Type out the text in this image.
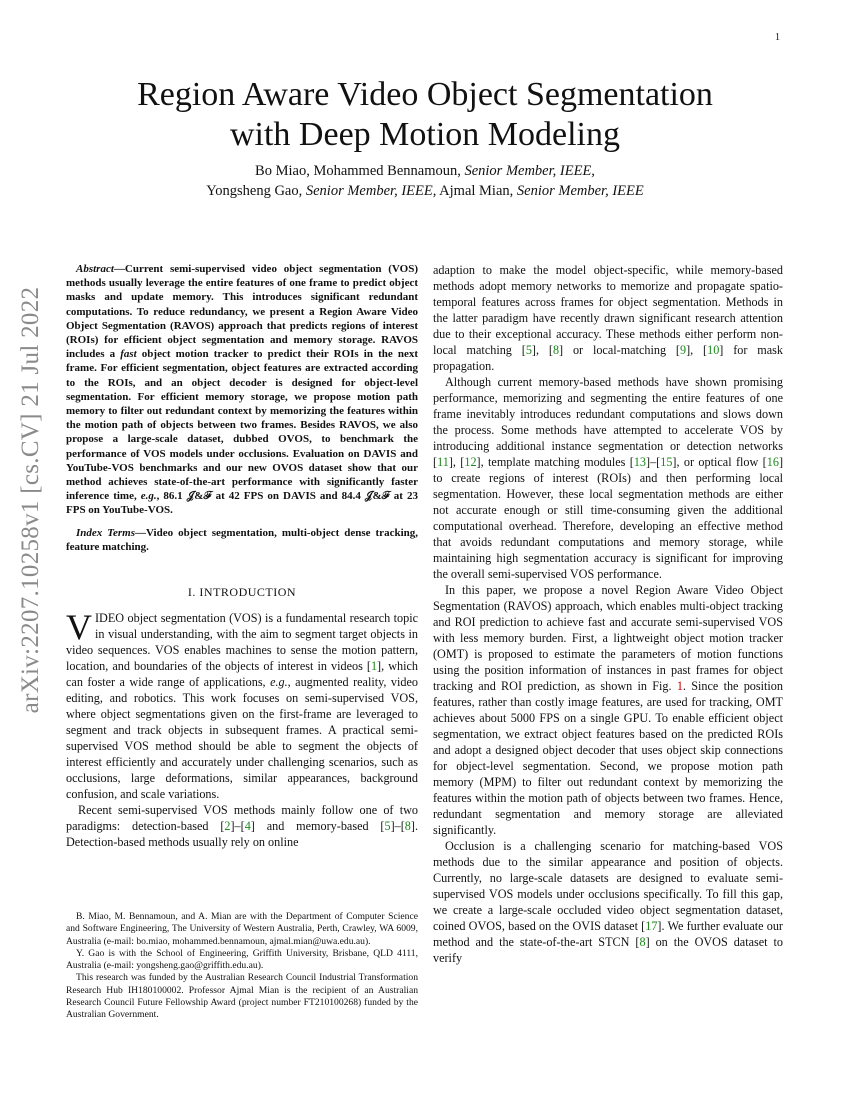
1
arXiv:2207.10258v1 [cs.CV] 21 Jul 2022
Region Aware Video Object Segmentation
with Deep Motion Modeling
Bo Miao, Mohammed Bennamoun, Senior Member, IEEE,
Yongsheng Gao, Senior Member, IEEE, Ajmal Mian, Senior Member, IEEE

Abstract—Current semi-supervised video object segmentation (VOS) methods usually leverage the entire features of one frame to predict object masks and update memory. This introduces significant redundant computations. To reduce redundancy, we present a Region Aware Video Object Segmentation (RAVOS) approach that predicts regions of interest (ROIs) for efficient object segmentation and memory storage. RAVOS includes a fast object motion tracker to predict their ROIs in the next frame. For efficient segmentation, object features are extracted according to the ROIs, and an object decoder is designed for object-level segmentation. For efficient memory storage, we propose motion path memory to filter out redundant context by memorizing the features within the motion path of objects between two frames. Besides RAVOS, we also propose a large-scale dataset, dubbed OVOS, to benchmark the performance of VOS models under occlusions. Evaluation on DAVIS and YouTube-VOS benchmarks and our new OVOS dataset show that our method achieves state-of-the-art performance with significantly faster inference time, e.g., 86.1 𝒥&ℱ at 42 FPS on DAVIS and 84.4 𝒥&ℱ at 23 FPS on YouTube-VOS.

Index Terms—Video object segmentation, multi-object dense tracking, feature matching.

I. INTRODUCTION

VIDEO object segmentation (VOS) is a fundamental research topic in visual understanding, with the aim to segment target objects in video sequences. VOS enables machines to sense the motion pattern, location, and boundaries of the objects of interest in videos [1], which can foster a wide range of applications, e.g., augmented reality, video editing, and robotics. This work focuses on semi-supervised VOS, where object segmentations given on the first-frame are leveraged to segment and track objects in subsequent frames. A practical semi-supervised VOS method should be able to segment the objects of interest efficiently and accurately under challenging scenarios, such as occlusions, large deformations, similar appearances, background confusion, and scale variations.

Recent semi-supervised VOS methods mainly follow one of two paradigms: detection-based [2]–[4] and memory-based [5]–[8]. Detection-based methods usually rely on online

B. Miao, M. Bennamoun, and A. Mian are with the Department of Computer Science and Software Engineering, The University of Western Australia, Perth, Crawley, WA 6009, Australia (e-mail: bo.miao, mohammed.bennamoun, ajmal.mian@uwa.edu.au).

Y. Gao is with the School of Engineering, Griffith University, Brisbane, QLD 4111, Australia (e-mail: yongsheng.gao@griffith.edu.au).

This research was funded by the Australian Research Council Industrial Transformation Research Hub IH180100002. Professor Ajmal Mian is the recipient of an Australian Research Council Future Fellowship Award (project number FT210100268) funded by the Australian Government.

adaption to make the model object-specific, while memory-based methods adopt memory networks to memorize and propagate spatio-temporal features across frames for object segmentation. Methods in the latter paradigm have recently drawn significant research attention due to their exceptional accuracy. These methods either perform non-local matching [5], [8] or local-matching [9], [10] for mask propagation.

Although current memory-based methods have shown promising performance, memorizing and segmenting the entire features of one frame inevitably introduces redundant computations and slows down the process. Some methods have attempted to accelerate VOS by introducing additional instance segmentation or detection networks [11], [12], template matching modules [13]–[15], or optical flow [16] to create regions of interest (ROIs) and then performing local segmentation. However, these local segmentation methods are either not accurate enough or still time-consuming given the additional computational overhead. Therefore, developing an effective method that avoids redundant computations and memory storage, while maintaining high segmentation accuracy is significant for improving the overall semi-supervised VOS performance.

In this paper, we propose a novel Region Aware Video Object Segmentation (RAVOS) approach, which enables multi-object tracking and ROI prediction to achieve fast and accurate semi-supervised VOS with less memory burden. First, a lightweight object motion tracker (OMT) is proposed to estimate the parameters of motion functions using the position information of instances in past frames for object tracking and ROI prediction, as shown in Fig. 1. Since the position features, rather than costly image features, are used for tracking, OMT achieves about 5000 FPS on a single GPU. To enable efficient object segmentation, we extract object features based on the predicted ROIs and adopt a designed object decoder that uses object skip connections for object-level segmentation. Second, we propose motion path memory (MPM) to filter out redundant context by memorizing the features within the motion path of objects between two frames. Hence, redundant segmentation and memory storage are alleviated significantly.

Occlusion is a challenging scenario for matching-based VOS methods due to the similar appearance and position of objects. Currently, no large-scale datasets are designed to evaluate semi-supervised VOS models under occlusions specifically. To fill this gap, we create a large-scale occluded video object segmentation dataset, coined OVOS, based on the OVIS dataset [17]. We further evaluate our method and the state-of-the-art STCN [8] on the OVOS dataset to verify
